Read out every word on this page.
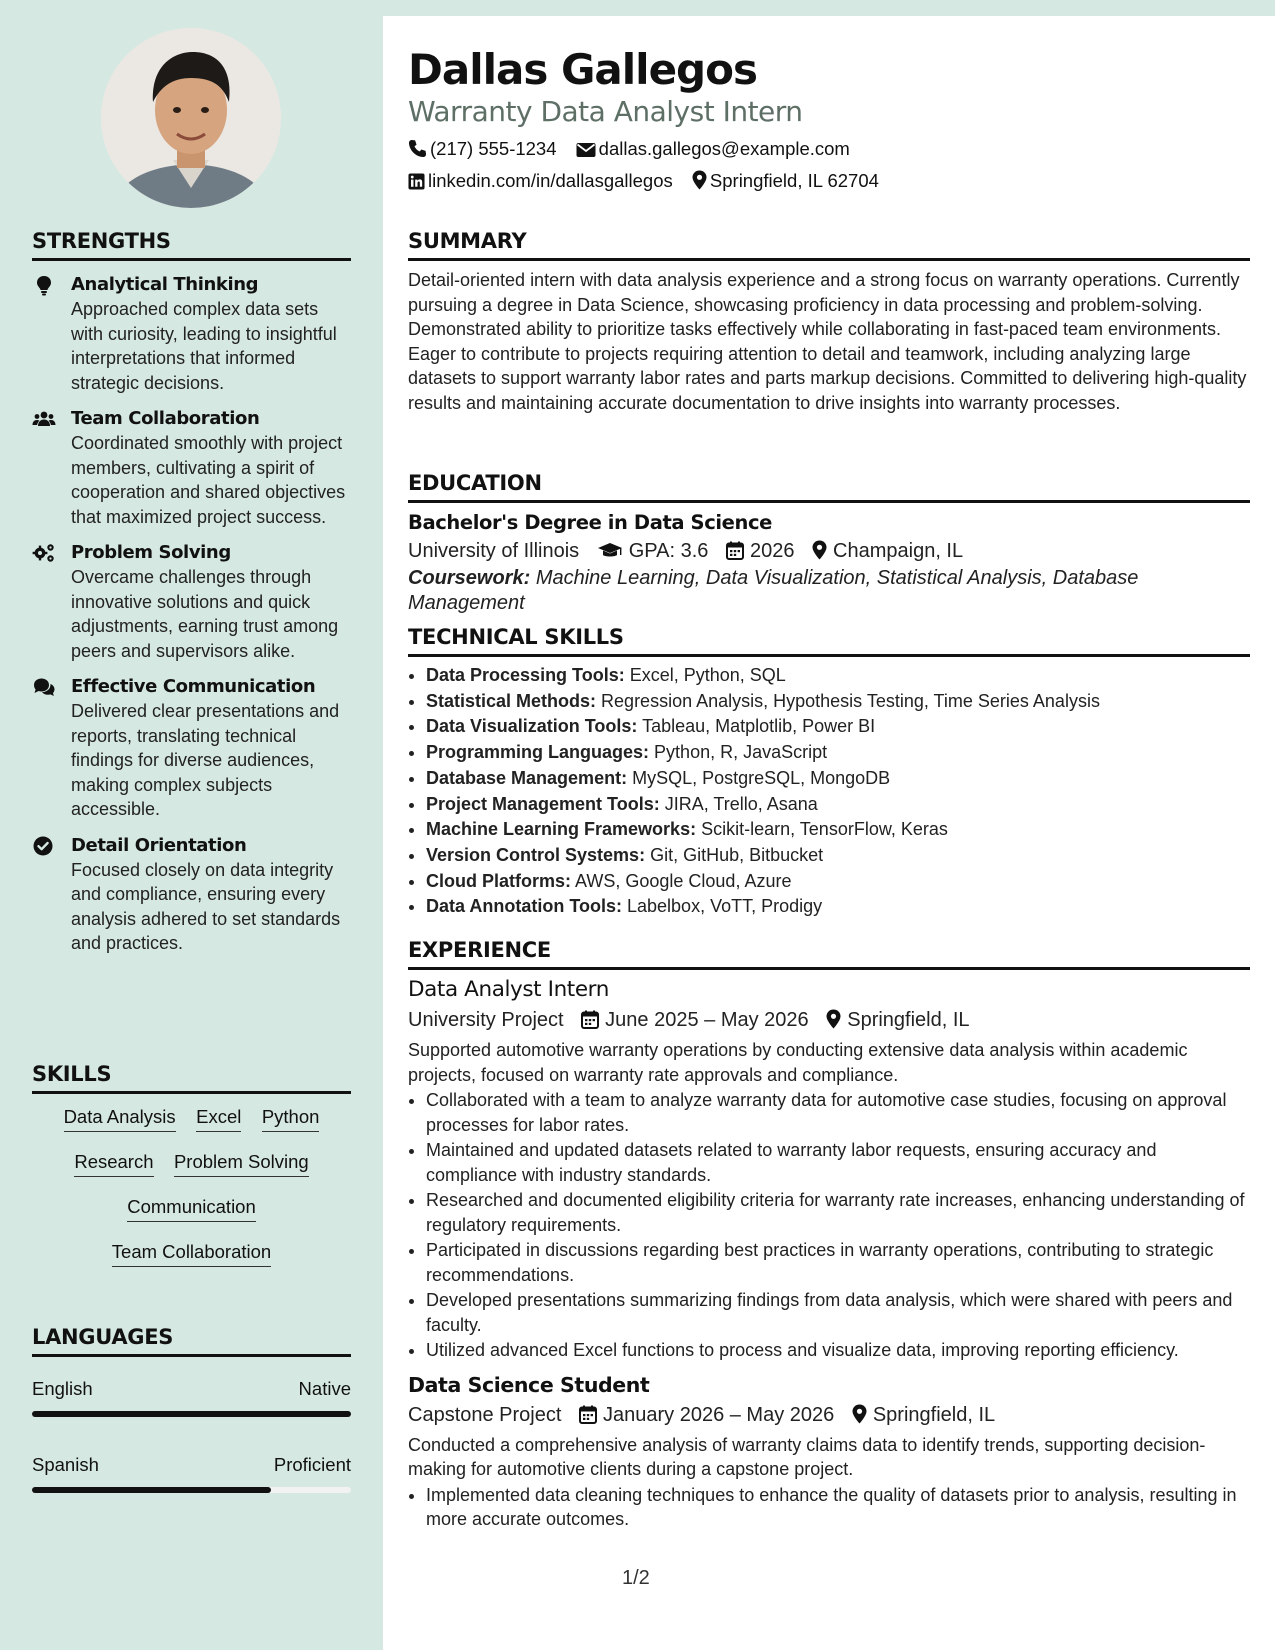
STRENGTHS
Analytical Thinking
Approached complex data sets with curiosity, leading to insightful interpretations that informed strategic decisions.
Team Collaboration
Coordinated smoothly with project members, cultivating a spirit of cooperation and shared objectives that maximized project success.
Problem Solving
Overcame challenges through innovative solutions and quick adjustments, earning trust among peers and supervisors alike.
Effective Communication
Delivered clear presentations and reports, translating technical findings for diverse audiences, making complex subjects accessible.
Detail Orientation
Focused closely on data integrity and compliance, ensuring every analysis adhered to set standards and practices.
SKILLS
Data Analysis Excel Python
Research Problem Solving
Communication
Team Collaboration
LANGUAGES
English	Native
Spanish	Proficient
Dallas Gallegos
Warranty Data Analyst Intern
(217) 555-1234 dallas.gallegos@example.com
linkedin.com/in/dallasgallegos Springfield, IL 62704
SUMMARY
Detail-oriented intern with data analysis experience and a strong focus on warranty operations. Currently pursuing a degree in Data Science, showcasing proficiency in data processing and problem-solving. Demonstrated ability to prioritize tasks effectively while collaborating in fast-paced team environments. Eager to contribute to projects requiring attention to detail and teamwork, including analyzing large datasets to support warranty labor rates and parts markup decisions. Committed to delivering high-quality results and maintaining accurate documentation to drive insights into warranty processes.
EDUCATION
Bachelor's Degree in Data Science
University of Illinois GPA: 3.6 2026 Champaign, IL
Coursework: Machine Learning, Data Visualization, Statistical Analysis, Database Management
TECHNICAL SKILLS
• Data Processing Tools: Excel, Python, SQL
• Statistical Methods: Regression Analysis, Hypothesis Testing, Time Series Analysis
• Data Visualization Tools: Tableau, Matplotlib, Power BI
• Programming Languages: Python, R, JavaScript
• Database Management: MySQL, PostgreSQL, MongoDB
• Project Management Tools: JIRA, Trello, Asana
• Machine Learning Frameworks: Scikit-learn, TensorFlow, Keras
• Version Control Systems: Git, GitHub, Bitbucket
• Cloud Platforms: AWS, Google Cloud, Azure
• Data Annotation Tools: Labelbox, VoTT, Prodigy
EXPERIENCE
Data Analyst Intern
University Project June 2025 – May 2026 Springfield, IL
Supported automotive warranty operations by conducting extensive data analysis within academic projects, focused on warranty rate approvals and compliance.
• Collaborated with a team to analyze warranty data for automotive case studies, focusing on approval processes for labor rates.
• Maintained and updated datasets related to warranty labor requests, ensuring accuracy and compliance with industry standards.
• Researched and documented eligibility criteria for warranty rate increases, enhancing understanding of regulatory requirements.
• Participated in discussions regarding best practices in warranty operations, contributing to strategic recommendations.
• Developed presentations summarizing findings from data analysis, which were shared with peers and faculty.
• Utilized advanced Excel functions to process and visualize data, improving reporting efficiency.
Data Science Student
Capstone Project January 2026 – May 2026 Springfield, IL
Conducted a comprehensive analysis of warranty claims data to identify trends, supporting decision-making for automotive clients during a capstone project.
• Implemented data cleaning techniques to enhance the quality of datasets prior to analysis, resulting in more accurate outcomes.
1/2
